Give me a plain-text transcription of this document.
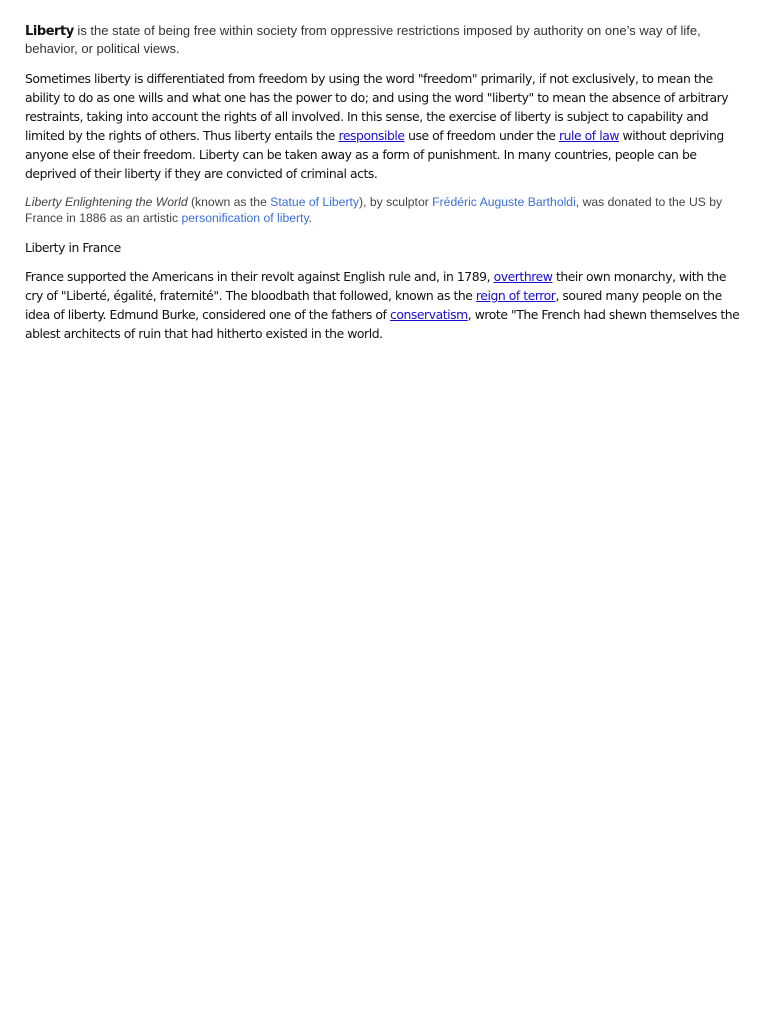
Liberty is the state of being free within society from oppressive restrictions imposed by authority on one’s way of life, behavior, or political views.

Sometimes liberty is differentiated from freedom by using the word "freedom" primarily, if not exclusively, to mean the ability to do as one wills and what one has the power to do; and using the word "liberty" to mean the absence of arbitrary restraints, taking into account the rights of all involved. In this sense, the exercise of liberty is subject to capability and limited by the rights of others. Thus liberty entails the responsible use of freedom under the rule of law without depriving anyone else of their freedom. Liberty can be taken away as a form of punishment. In many countries, people can be deprived of their liberty if they are convicted of criminal acts.

Liberty Enlightening the World (known as the Statue of Liberty), by sculptor Frédéric Auguste Bartholdi, was donated to the US by France in 1886 as an artistic personification of liberty.

Liberty in France

France supported the Americans in their revolt against English rule and, in 1789, overthrew their own monarchy, with the cry of "Liberté, égalité, fraternité". The bloodbath that followed, known as the reign of terror, soured many people on the idea of liberty. Edmund Burke, considered one of the fathers of conservatism, wrote "The French had shewn themselves the ablest architects of ruin that had hitherto existed in the world.
